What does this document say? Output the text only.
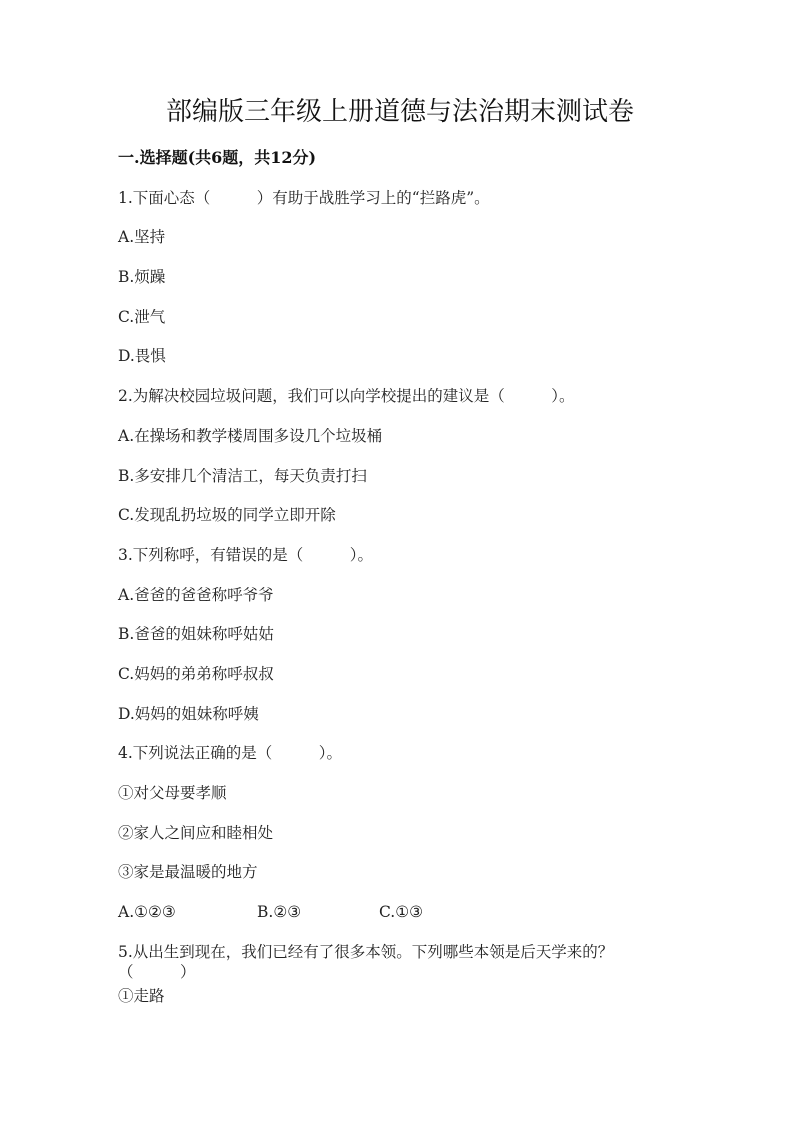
部编版三年级上册道德与法治期末测试卷
一.选择题(共6题，共12分)
1.下面心态（　　　）有助于战胜学习上的“拦路虎”。
A.坚持
B.烦躁
C.泄气
D.畏惧
2.为解决校园垃圾问题，我们可以向学校提出的建议是（　　　）。
A.在操场和教学楼周围多设几个垃圾桶
B.多安排几个清洁工，每天负责打扫
C.发现乱扔垃圾的同学立即开除
3.下列称呼，有错误的是（　　　）。
A.爸爸的爸爸称呼爷爷
B.爸爸的姐妹称呼姑姑
C.妈妈的弟弟称呼叔叔
D.妈妈的姐妹称呼姨
4.下列说法正确的是（　　　）。
①对父母要孝顺
②家人之间应和睦相处
③家是最温暖的地方
A.①②③	B.②③	C.①③
5.从出生到现在，我们已经有了很多本领。下列哪些本领是后天学来的？
（　　　）
①走路
